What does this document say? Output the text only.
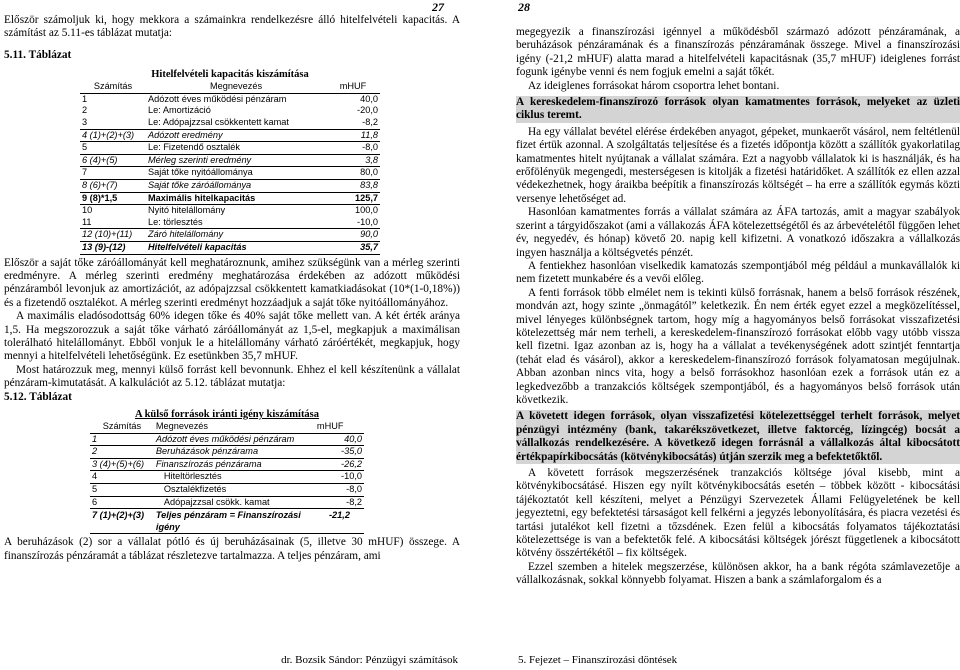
27

Először számoljuk ki, hogy mekkora a számainkra rendelkezésre álló hitelfelvételi kapacitás. A számítást az 5.11-es táblázat mutatja:

5.11. Táblázat
Hitelfelvételi kapacitás kiszámítása
Számítás	Megnevezés	mHUF
1	Adózott éves működési pénzáram	40,0
2	Le: Amortizáció	-20,0
3	Le: Adópajzzsal csökkentett kamat	-8,2
4 (1)+(2)+(3)	Adózott eredmény	11,8
5	Le: Fizetendő osztalék	-8,0
6 (4)+(5)	Mérleg szerinti eredmény	3,8
7	Saját tőke nyitóállománya	80,0
8 (6)+(7)	Saját tőke záróállománya	83,8
9 (8)*1,5	Maximális hitelkapacitás	125,7
10	Nyitó hitelállomány	100,0
11	Le: törlesztés	-10,0
12 (10)+(11)	Záró hitelállomány	90,0
13 (9)-(12)	Hitelfelvételi kapacitás	35,7

Először a saját tőke záróállományát kell meghatároznunk, amihez szükségünk van a mérleg szerinti eredményre. A mérleg szerinti eredmény meghatározása érdekében az adózott működési pénzáramból levonjuk az amortizációt, az adópajzzsal csökkentett kamatkiadásokat (10*(1-0,18%)) és a fizetendő osztalékot. A mérleg szerinti eredményt hozzáadjuk a saját tőke nyitóállományához.

A maximális eladósodottság 60% idegen tőke és 40% saját tőke mellett van. A két érték aránya 1,5. Ha megszorozzuk a saját tőke várható záróállományát az 1,5-el, megkapjuk a maximálisan tolerálható hitelállományt. Ebből vonjuk le a hitelállomány várható záróértékét, megkapjuk, hogy mennyi a hitelfelvételi lehetőségünk. Ez esetünkben 35,7 mHUF.

Most határozzuk meg, mennyi külső forrást kell bevonnunk. Ehhez el kell készítenünk a vállalat pénzáram-kimutatását. A kalkulációt az 5.12. táblázat mutatja:

5.12. Táblázat
A külső források iránti igény kiszámítása
Számítás	Megnevezés	mHUF
1	Adózott éves működési pénzáram	40,0
2	Beruházások pénzárama	-35,0
3 (4)+(5)+(6)	Finanszírozás pénzárama	-26,2
4	Hiteltörlesztés	-10,0
5	Osztalékfizetés	-8,0
6	Adópajzzsal csökk. kamat	-8,2
7 (1)+(2)+(3)	Teljes pénzáram = Finanszírozási igény	-21,2

A beruházások (2) sor a vállalat pótló és új beruházásainak (5, illetve 30 mHUF) összege. A finanszírozás pénzáramát a táblázat részletezve tartalmazza. A teljes pénzáram, ami

dr. Bozsik Sándor: Pénzügyi számítások
28

megegyezik a finanszírozási igénnyel a működésből származó adózott pénzáramának, a beruházások pénzáramának és a finanszírozás pénzáramának összege. Mivel a finanszírozási igény (-21,2 mHUF) alatta marad a hitelfelvételi kapacitásnak (35,7 mHUF) ideiglenes forrást fogunk igénybe venni és nem fogjuk emelni a saját tőkét.

Az ideiglenes forrásokat három csoportra lehet bontani.

A kereskedelem-finanszírozó források olyan kamatmentes források, melyeket az üzleti ciklus teremt.

Ha egy vállalat bevétel elérése érdekében anyagot, gépeket, munkaerőt vásárol, nem feltétlenül fizet értük azonnal. A szolgáltatás teljesítése és a fizetés időpontja között a szállítók gyakorlatilag kamatmentes hitelt nyújtanak a vállalat számára. Ezt a nagyobb vállalatok ki is használják, és ha erőfölényük megengedi, mesterségesen is kitolják a fizetési határidőket. A szállítók ez ellen azzal védekezhetnek, hogy áraikba beépítik a finanszírozás költségét – ha erre a szállítók egymás közti versenye lehetőséget ad.

Hasonlóan kamatmentes forrás a vállalat számára az ÁFA tartozás, amit a magyar szabályok szerint a tárgyidőszakot (ami a vállakozás ÁFA kötelezettségétől és az árbevételétől függően lehet év, negyedév, és hónap) követő 20. napig kell kifizetni. A vonatkozó időszakra a vállalkozás ingyen használja a költségvetés pénzét.

A fentiekhez hasonlóan viselkedik kamatozás szempontjából még például a munkavállalók ki nem fizetett munkabére és a vevői előleg.

A fenti források több elmélet nem is tekinti külső forrásnak, hanem a belső források részének, mondván azt, hogy szinte „önmagától” keletkezik. Én nem érték egyet ezzel a megközelítéssel, mivel lényeges különbségnek tartom, hogy míg a hagyományos belső forrásokat visszafizetési kötelezettség már nem terheli, a kereskedelem-finanszírozó forrásokat előbb vagy utóbb vissza kell fizetni. Igaz azonban az is, hogy ha a vállalat a tevékenységének adott szintjét fenntartja (tehát elad és vásárol), akkor a kereskedelem-finanszírozó források folyamatosan megújulnak. Abban azonban nincs vita, hogy a belső forrásokhoz hasonlóan ezek a források után ez a legkedvezőbb a tranzakciós költségek szempontjából, és a hagyományos belső források után következik.

A követett idegen források, olyan visszafizetési kötelezettséggel terhelt források, melyet pénzügyi intézmény (bank, takarékszövetkezet, illetve faktorcég, lízingcég) bocsát a vállalkozás rendelkezésére. A következő idegen forrásnál a vállalkozás által kibocsátott értékpapírkibocsátás (kötvénykibocsátás) útján szerzik meg a befektetőktől.

A követett források megszerzésének tranzakciós költsége jóval kisebb, mint a kötvénykibocsátásé. Hiszen egy nyílt kötvénykibocsátás esetén – többek között - kibocsátási tájékoztatót kell készíteni, melyet a Pénzügyi Szervezetek Állami Felügyeletének be kell jegyeztetni, egy befektetési társaságot kell felkérni a jegyzés lebonyolítására, és piacra vezetési és tartási jutalékot kell fizetni a tőzsdének. Ezen felül a kibocsátás folyamatos tájékoztatási kötelezettsége is van a befektetők felé. A kibocsátási költségek jórészt függetlenek a kibocsátott kötvény összértékétől – fix költségek.

Ezzel szemben a hitelek megszerzése, különösen akkor, ha a bank régóta számlavezetője a vállalkozásnak, sokkal könnyebb folyamat. Hiszen a bank a számlaforgalom és a

5. Fejezet – Finanszírozási döntések
